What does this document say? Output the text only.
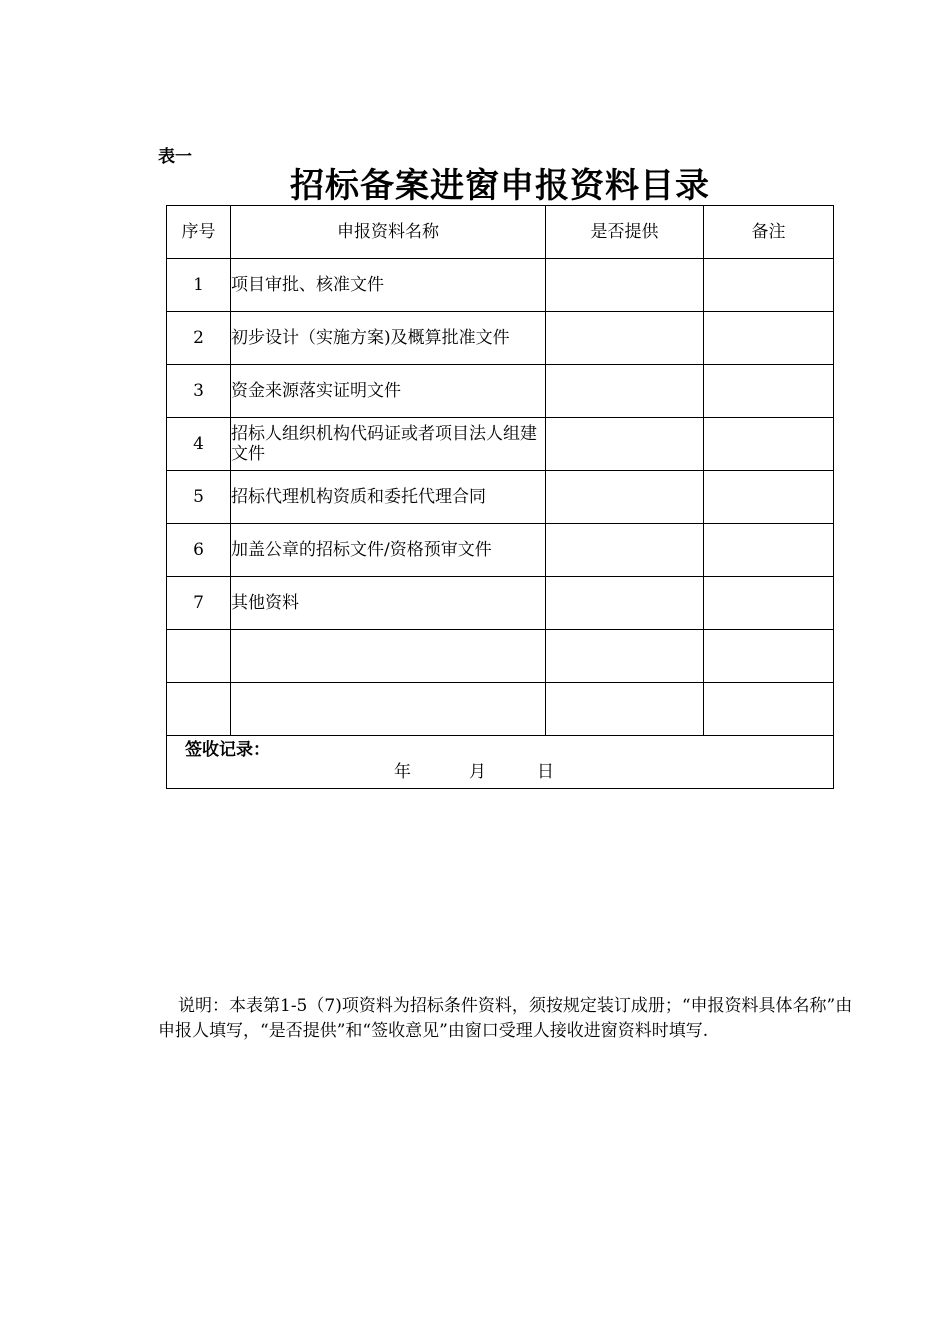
表一
招标备案进窗申报资料目录
序号	申报资料名称	是否提供	备注
1	项目审批、核准文件		
2	初步设计（实施方案)及概算批准文件		
3	资金来源落实证明文件		
4	招标人组织机构代码证或者项目法人组建文件		
5	招标代理机构资质和委托代理合同		
6	加盖公章的招标文件/资格预审文件		
7	其他资料		

签收记录：
年 月 日			

说明：本表第1-5（7)项资料为招标条件资料，须按规定装订成册；“申报资料具体名称”由申报人填写，“是否提供”和“签收意见”由窗口受理人接收进窗资料时填写.
